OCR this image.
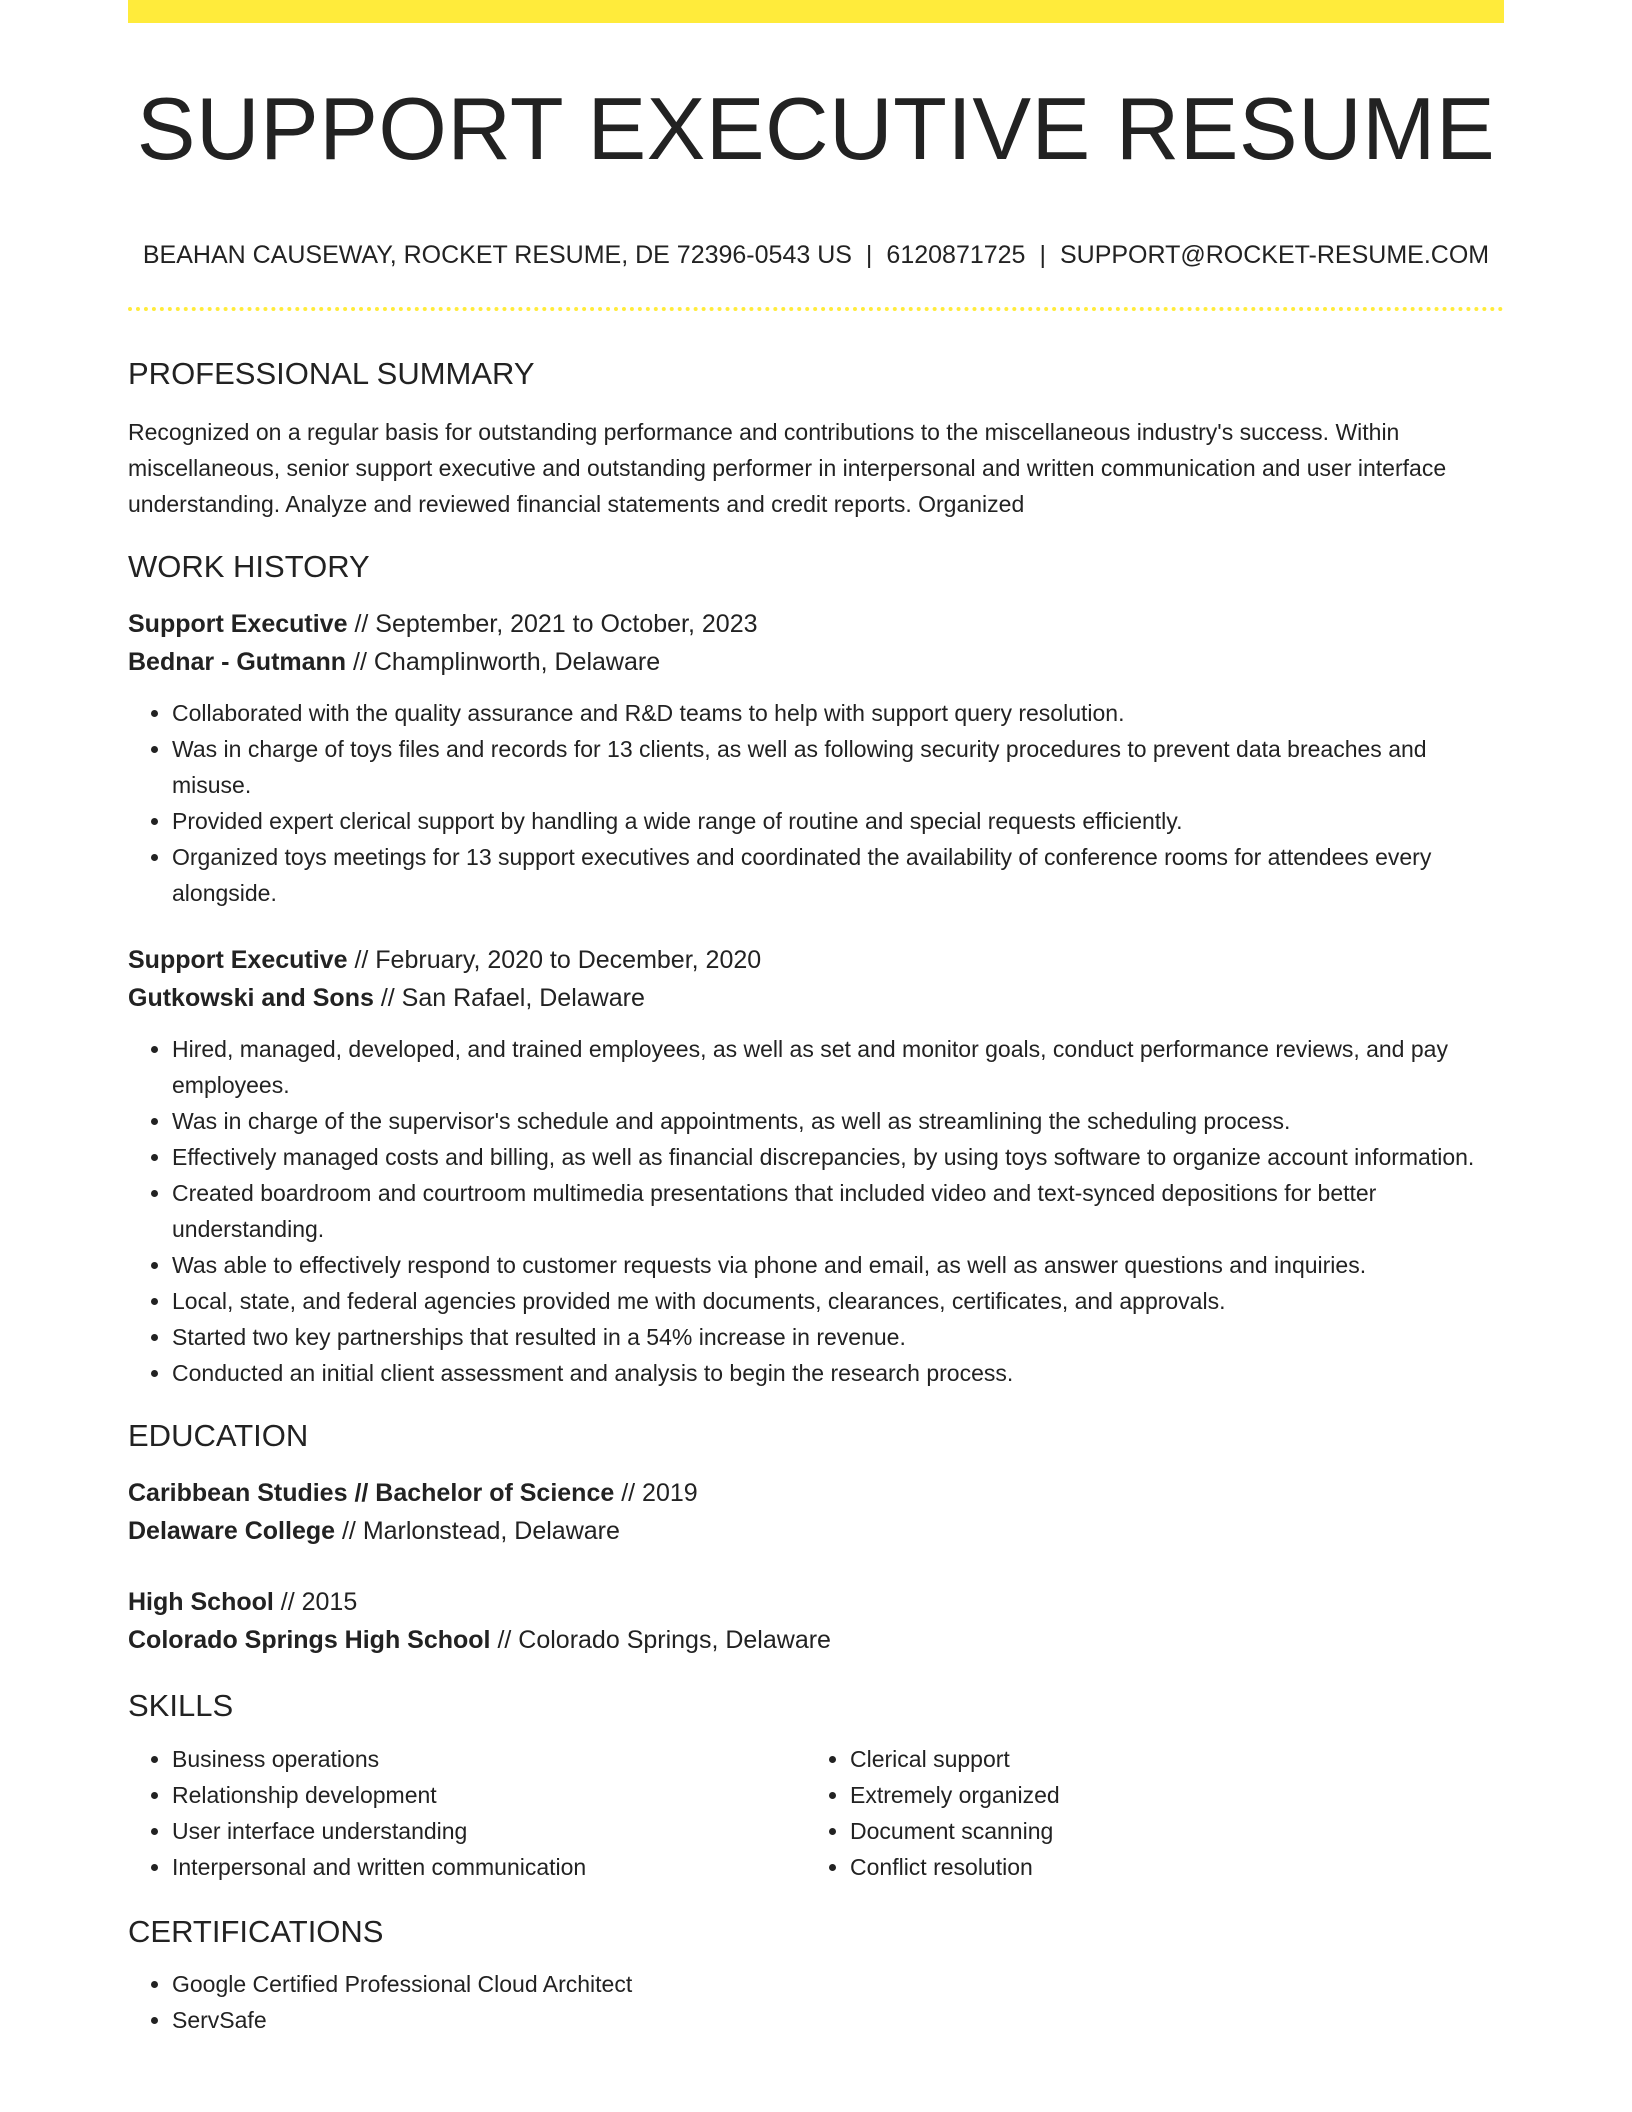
SUPPORT EXECUTIVE RESUME
BEAHAN CAUSEWAY, ROCKET RESUME, DE 72396-0543 US | 6120871725 | SUPPORT@ROCKET-RESUME.COM
PROFESSIONAL SUMMARY

Recognized on a regular basis for outstanding performance and contributions to the miscellaneous industry's success. Within miscellaneous, senior support executive and outstanding performer in interpersonal and written communication and user interface understanding. Analyze and reviewed financial statements and credit reports. Organized

WORK HISTORY
Support Executive // September, 2021 to October, 2023
Bednar - Gutmann // Champlinworth, Delaware
• Collaborated with the quality assurance and R&D teams to help with support query resolution.
• Was in charge of toys files and records for 13 clients, as well as following security procedures to prevent data breaches and misuse.
• Provided expert clerical support by handling a wide range of routine and special requests efficiently.
• Organized toys meetings for 13 support executives and coordinated the availability of conference rooms for attendees every alongside.
Support Executive // February, 2020 to December, 2020
Gutkowski and Sons // San Rafael, Delaware
• Hired, managed, developed, and trained employees, as well as set and monitor goals, conduct performance reviews, and pay employees.
• Was in charge of the supervisor's schedule and appointments, as well as streamlining the scheduling process.
• Effectively managed costs and billing, as well as financial discrepancies, by using toys software to organize account information.
• Created boardroom and courtroom multimedia presentations that included video and text-synced depositions for better understanding.
• Was able to effectively respond to customer requests via phone and email, as well as answer questions and inquiries.
• Local, state, and federal agencies provided me with documents, clearances, certificates, and approvals.
• Started two key partnerships that resulted in a 54% increase in revenue.
• Conducted an initial client assessment and analysis to begin the research process.
EDUCATION
Caribbean Studies // Bachelor of Science // 2019
Delaware College // Marlonstead, Delaware
High School // 2015
Colorado Springs High School // Colorado Springs, Delaware
SKILLS
• Business operations
• Relationship development
• User interface understanding
• Interpersonal and written communication
• Clerical support
• Extremely organized
• Document scanning
• Conflict resolution
CERTIFICATIONS
• Google Certified Professional Cloud Architect
• ServSafe
